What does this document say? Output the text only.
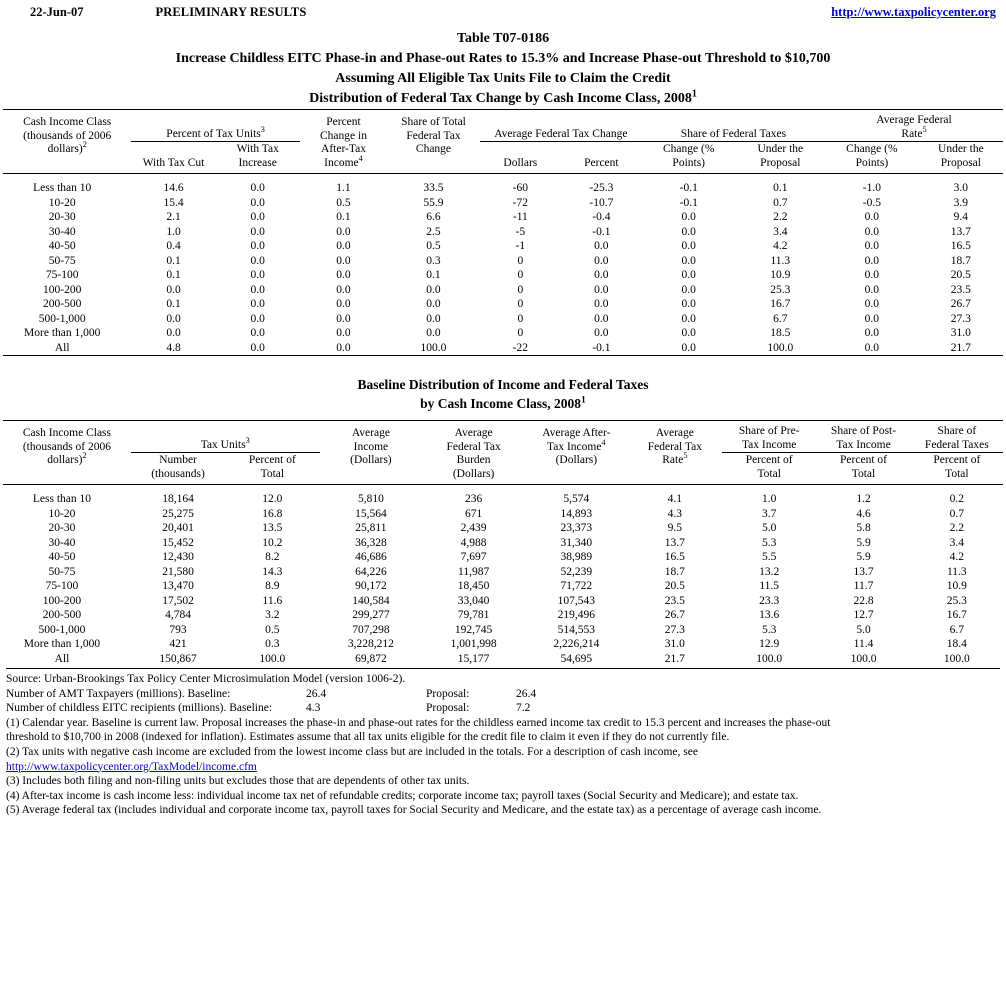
22-Jun-07	PRELIMINARY RESULTS	http://www.taxpolicycenter.org
Table T07-0186
Increase Childless EITC Phase-in and Phase-out Rates to 15.3% and Increase Phase-out Threshold to $10,700
Assuming All Eligible Tax Units File to Claim the Credit
Distribution of Federal Tax Change by Cash Income Class, 2008$^1$

Cash Income Class
(thousands of 2006
dollars)$^2$
	Percent of Tax Units$^3$	
Percent
Change in
After-Tax
Income$^4$

Share of Total
Federal Tax
Change
	Average Federal Tax Change	Share of Federal Taxes	
Average Federal
Rate$^5$

With Tax Cut	
With Tax
Increase	Dollars	Percent	
Change (%
Points)

Under the
Proposal

Change (%
Points)

Under the
Proposal

Less than 10	14.6	0.0	1.1	33.5	-60	-25.3	-0.1	0.1	-1.0	3.0
10-20	15.4	0.0	0.5	55.9	-72	-10.7	-0.1	0.7	-0.5	3.9
20-30	2.1	0.0	0.1	6.6	-11	-0.4	0.0	2.2	0.0	9.4
30-40	1.0	0.0	0.0	2.5	-5	-0.1	0.0	3.4	0.0	13.7
40-50	0.4	0.0	0.0	0.5	-1	0.0	0.0	4.2	0.0	16.5
50-75	0.1	0.0	0.0	0.3	0	0.0	0.0	11.3	0.0	18.7
75-100	0.1	0.0	0.0	0.1	0	0.0	0.0	10.9	0.0	20.5
100-200	0.0	0.0	0.0	0.0	0	0.0	0.0	25.3	0.0	23.5
200-500	0.1	0.0	0.0	0.0	0	0.0	0.0	16.7	0.0	26.7
500-1,000	0.0	0.0	0.0	0.0	0	0.0	0.0	6.7	0.0	27.3
More than 1,000	0.0	0.0	0.0	0.0	0	0.0	0.0	18.5	0.0	31.0
All	4.8	0.0	0.0	100.0	-22	-0.1	0.0	100.0	0.0	21.7

Baseline Distribution of Income and Federal Taxes
by Cash Income Class, 2008$^1$

Cash Income Class
(thousands of 2006
dollars)$^2$
	Tax Units$^3$	
Average
Income
(Dollars)

Average
Federal Tax
Burden
(Dollars)

Average After-
Tax Income$^4$
(Dollars)

Average
Federal Tax
Rate$^5$

Share of Pre-
Tax Income

Share of Post-
Tax Income

Share of
Federal Taxes

Number
(thousands)

Percent of
Total

Percent of
Total

Percent of
Total

Percent of
Total

Less than 10	18,164	12.0	5,810	236	5,574	4.1	1.0	1.2	0.2
10-20	25,275	16.8	15,564	671	14,893	4.3	3.7	4.6	0.7
20-30	20,401	13.5	25,811	2,439	23,373	9.5	5.0	5.8	2.2
30-40	15,452	10.2	36,328	4,988	31,340	13.7	5.3	5.9	3.4
40-50	12,430	8.2	46,686	7,697	38,989	16.5	5.5	5.9	4.2
50-75	21,580	14.3	64,226	11,987	52,239	18.7	13.2	13.7	11.3
75-100	13,470	8.9	90,172	18,450	71,722	20.5	11.5	11.7	10.9
100-200	17,502	11.6	140,584	33,040	107,543	23.5	23.3	22.8	25.3
200-500	4,784	3.2	299,277	79,781	219,496	26.7	13.6	12.7	16.7
500-1,000	793	0.5	707,298	192,745	514,553	27.3	5.3	5.0	6.7
More than 1,000	421	0.3	3,228,212	1,001,998	2,226,214	31.0	12.9	11.4	18.4
All	150,867	100.0	69,872	15,177	54,695	21.7	100.0	100.0	100.0
Source: Urban-Brookings Tax Policy Center Microsimulation Model (version 1006-2).
Number of AMT Taxpayers (millions). Baseline:	26.4	Proposal:	26.4
Number of childless EITC recipients (millions). Baseline:	4.3	Proposal:	7.2
(1) Calendar year. Baseline is current law. Proposal increases the phase-in and phase-out rates for the childless earned income tax credit to 15.3 percent and increases the phase-out
threshold to $10,700 in 2008 (indexed for inflation). Estimates assume that all tax units eligible for the credit file to claim it even if they do not currently file.
(2) Tax units with negative cash income are excluded from the lowest income class but are included in the totals. For a description of cash income, see
http://www.taxpolicycenter.org/TaxModel/income.cfm
(3) Includes both filing and non-filing units but excludes those that are dependents of other tax units.
(4) After-tax income is cash income less: individual income tax net of refundable credits; corporate income tax; payroll taxes (Social Security and Medicare); and estate tax.
(5) Average federal tax (includes individual and corporate income tax, payroll taxes for Social Security and Medicare, and the estate tax) as a percentage of average cash income.
